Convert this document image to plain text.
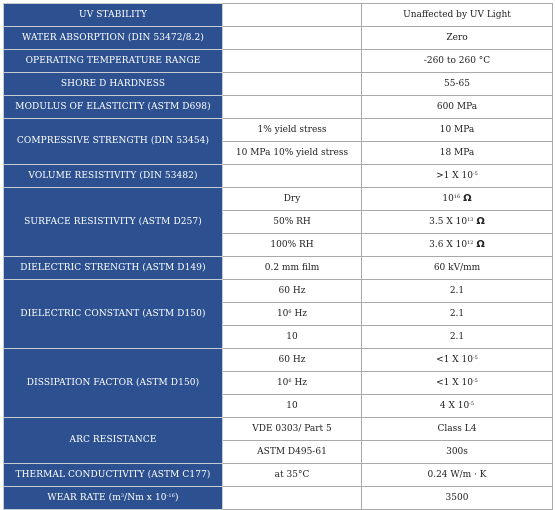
UV STABILITY		Unaffected by UV Light
WATER ABSORPTION (DIN 53472/8.2)		Zero
OPERATING TEMPERATURE RANGE		-260 to 260 °C
SHORE D HARDNESS		55-65
MODULUS OF ELASTICITY (ASTM D698)		600 MPa
COMPRESSIVE STRENGTH (DIN 53454)	1% yield stress	10 MPa
	10 MPa 10% yield stress	18 MPa
VOLUME RESISTIVITY (DIN 53482)		>1 X $10^{-5}$
SURFACE RESISTIVITY (ASTM D257)	Dry	$10^{16}$ Ω
	50% RH	3.5 X $10^{13}$ Ω
	100% RH	3.6 X $10^{12}$ Ω
DIELECTRIC STRENGTH (ASTM D149)	0.2 mm film	60 kV/mm
DIELECTRIC CONSTANT (ASTM D150)	60 Hz	2.1
	$10^6$ Hz	2.1
	10	2.1
DISSIPATION FACTOR (ASTM D150)	60 Hz	<1 X $10^{-5}$
	$10^6$ Hz	<1 X $10^{-5}$
	10	4 X $10^{-5}$
ARC RESISTANCE	VDE 0303/ Part 5	Class L4
	ASTM D495-61	300s
THERMAL CONDUCTIVITY (ASTM C177)	at 35°C	0.24 W/m · K
WEAR RATE ($m^3/Nm$ x $10^{-16}$)		3500
